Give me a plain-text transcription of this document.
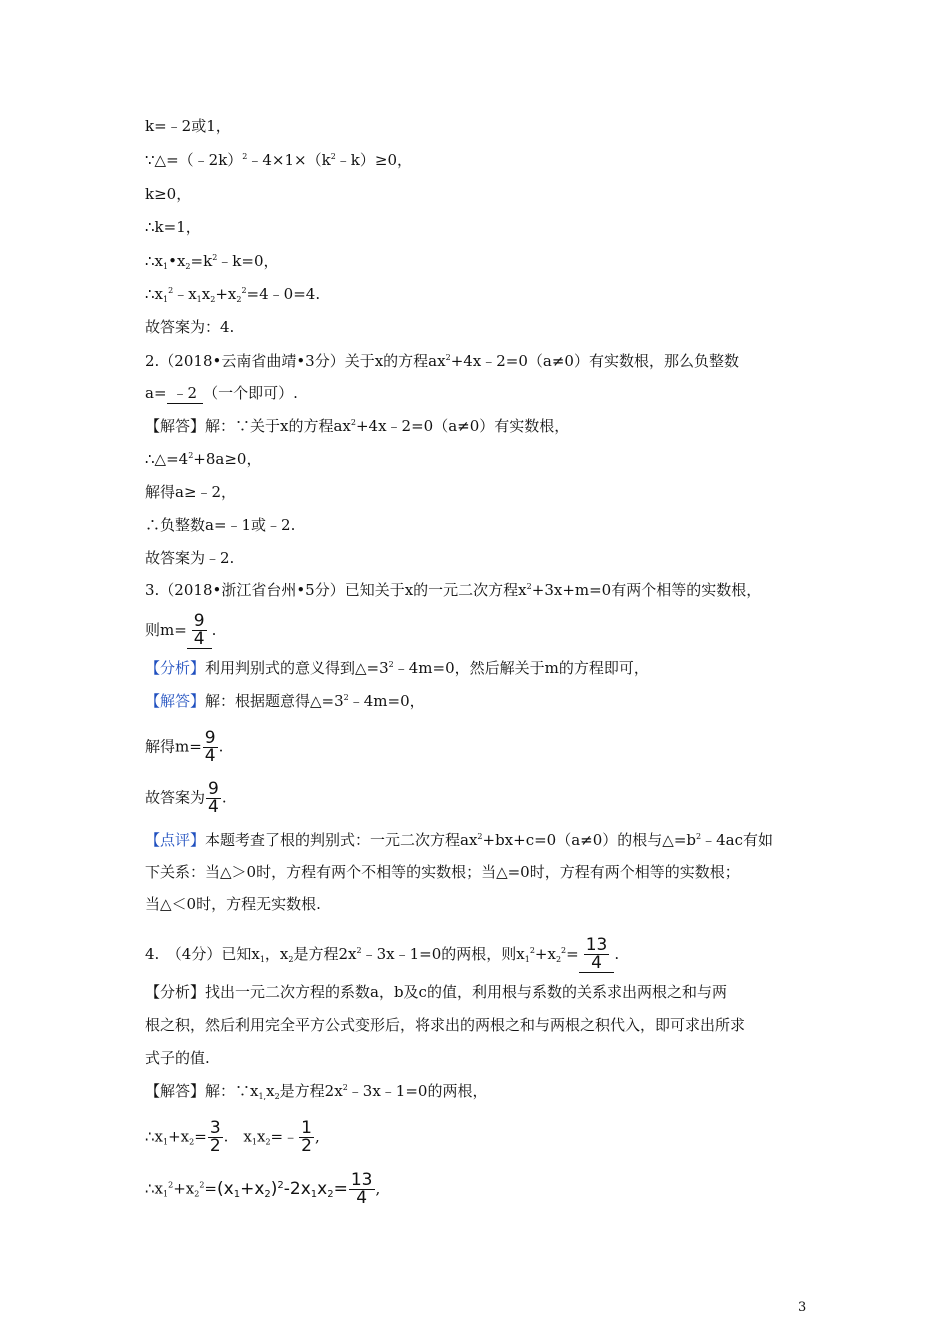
k=﹣2或1，
$\because\triangle=(﹣2k)^2﹣4\times 1\times(k^2﹣k)\ge 0$，
k≥0，
∴k=1，
$\therefore x_1•x_2=k^2﹣k=0$，
$\therefore x_1^2﹣x_1x_2+x_2^2=4﹣0=4$.
故答案为：4.
2.（2018•云南省曲靖•3分）关于x的方程$ax^2+4x﹣2=0(a\ne 0)$有实数根，那么负整数
a= ﹣2 （一个即可）.
【解答】解：∵关于x的方程$ax^2+4x﹣2=0(a\ne 0)$有实数根，
$\therefore\triangle=4^2+8a\ge 0$，
解得a≥﹣2，
∴负整数a=﹣1或﹣2.
故答案为﹣2.
3.（2018•浙江省台州•5分）已知关于x的一元二次方程$x^2+3x+m=0$有两个相等的实数根，
则$m= \frac{9}{4}$ .
【分析】利用判别式的意义得到$\triangle=3^2﹣4m=0$，然后解关于m的方程即可，
【解答】解：根据题意得$\triangle=3^2﹣4m=0$，
解得$m= \frac{9}{4}$ .
故答案为 $\frac{9}{4}$ .
【点评】本题考查了根的判别式：一元二次方程$ax^2+bx+c=0(a\ne 0)$的根与$\triangle=b^2﹣4ac$有如
下关系：当△＞0时，方程有两个不相等的实数根；当△=0时，方程有两个相等的实数根；
当△＜0时，方程无实数根.
4.　（4分）已知$x_1$，$x_2$是方程$2x^2﹣3x﹣1=0$的两根，则$x_1^2+x_2^2= \frac{13}{4}$ .
【分析】找出一元二次方程的系数a，b及c的值，利用根与系数的关系求出两根之和与两
根之积，然后利用完全平方公式变形后，将求出的两根之和与两根之积代入，即可求出所求
式子的值.
【解答】解：$\because x_{1,}x_2$是方程$2x^2﹣3x﹣1=0$的两根，
$\therefore x_1+x_2= \frac{3}{2}$ .　$x_1x_2=﹣ \frac{1}{2}$ ,
$\therefore x_1^2+x_2^2=(x_1+x_2)^2-2x_1x_2= \frac{13}{4}$ ,
3
